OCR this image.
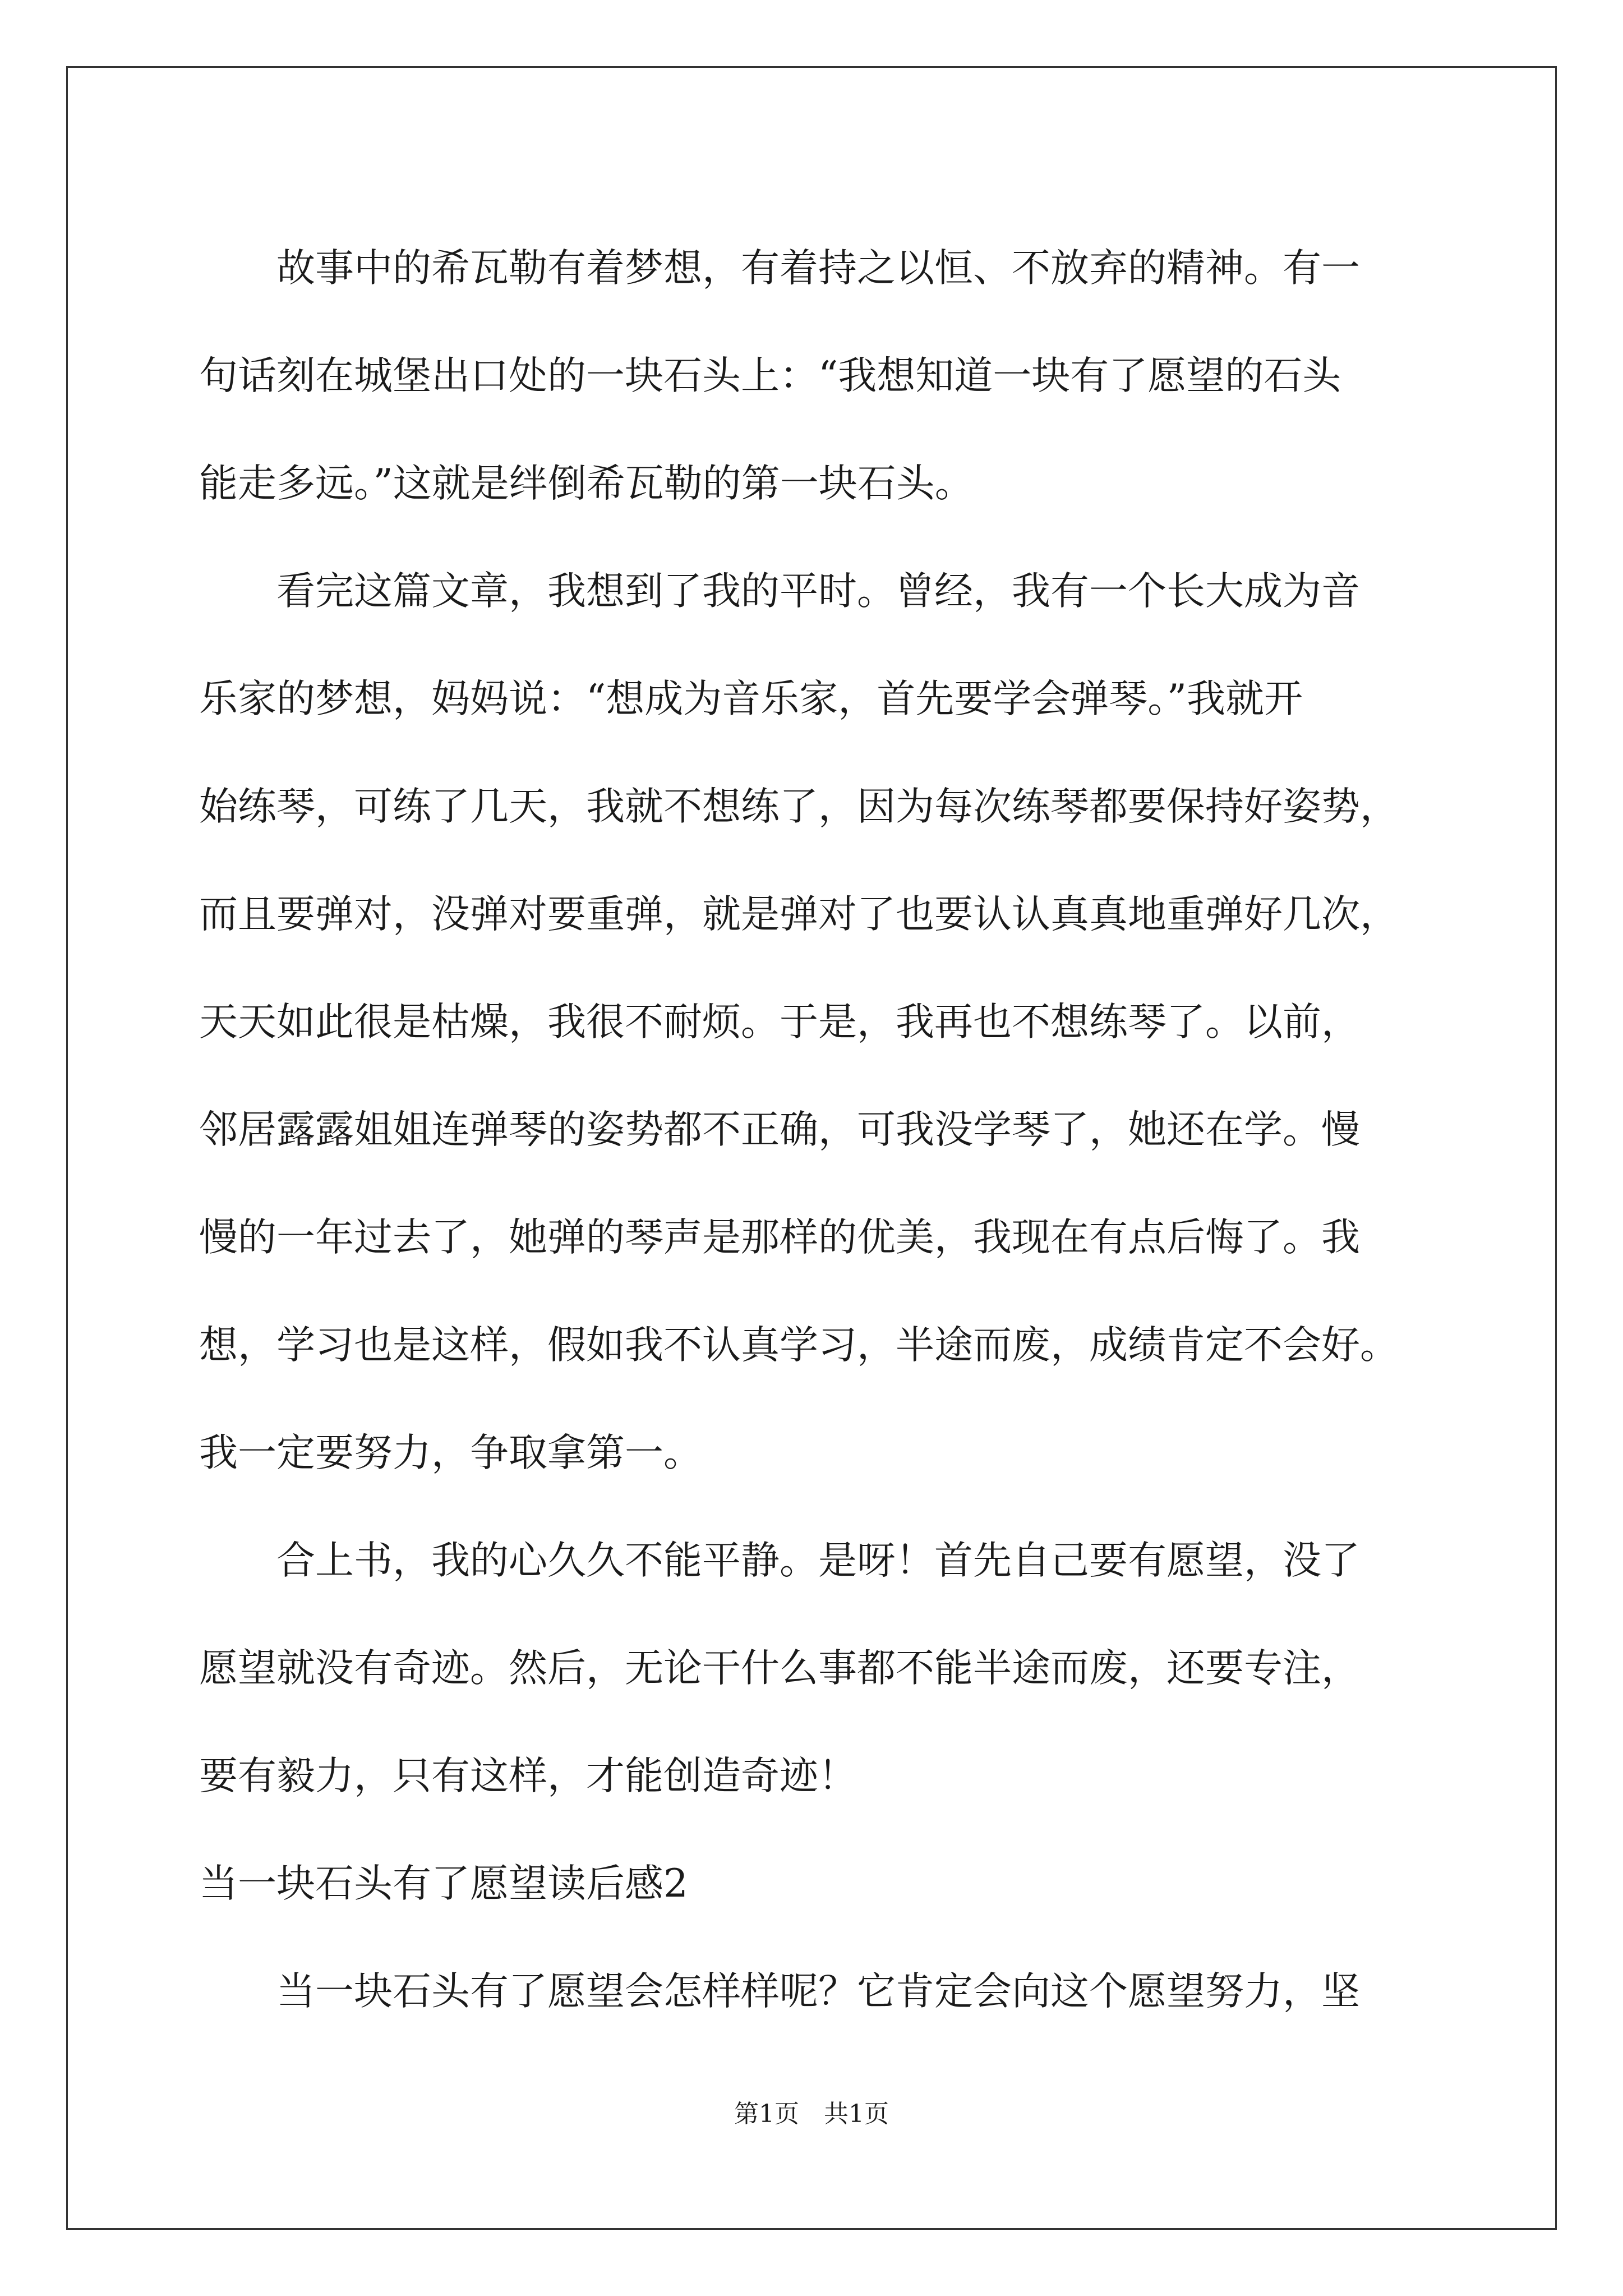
　　故事中的希瓦勒有着梦想，有着持之以恒、不放弃的精神。有一
句话刻在城堡出口处的一块石头上：“我想知道一块有了愿望的石头
能走多远。”这就是绊倒希瓦勒的第一块石头。
　　看完这篇文章，我想到了我的平时。曾经，我有一个长大成为音
乐家的梦想，妈妈说：“想成为音乐家，首先要学会弹琴。”我就开
始练琴，可练了几天，我就不想练了，因为每次练琴都要保持好姿势，
而且要弹对，没弹对要重弹，就是弹对了也要认认真真地重弹好几次，
天天如此很是枯燥，我很不耐烦。于是，我再也不想练琴了。以前，
邻居露露姐姐连弹琴的姿势都不正确，可我没学琴了，她还在学。慢
慢的一年过去了，她弹的琴声是那样的优美，我现在有点后悔了。我
想，学习也是这样，假如我不认真学习，半途而废，成绩肯定不会好。
我一定要努力，争取拿第一。
　　合上书，我的心久久不能平静。是呀！首先自己要有愿望，没了
愿望就没有奇迹。然后，无论干什么事都不能半途而废，还要专注，
要有毅力，只有这样，才能创造奇迹！
当一块石头有了愿望读后感2
　　当一块石头有了愿望会怎样样呢？它肯定会向这个愿望努力，坚
第1页　共1页
